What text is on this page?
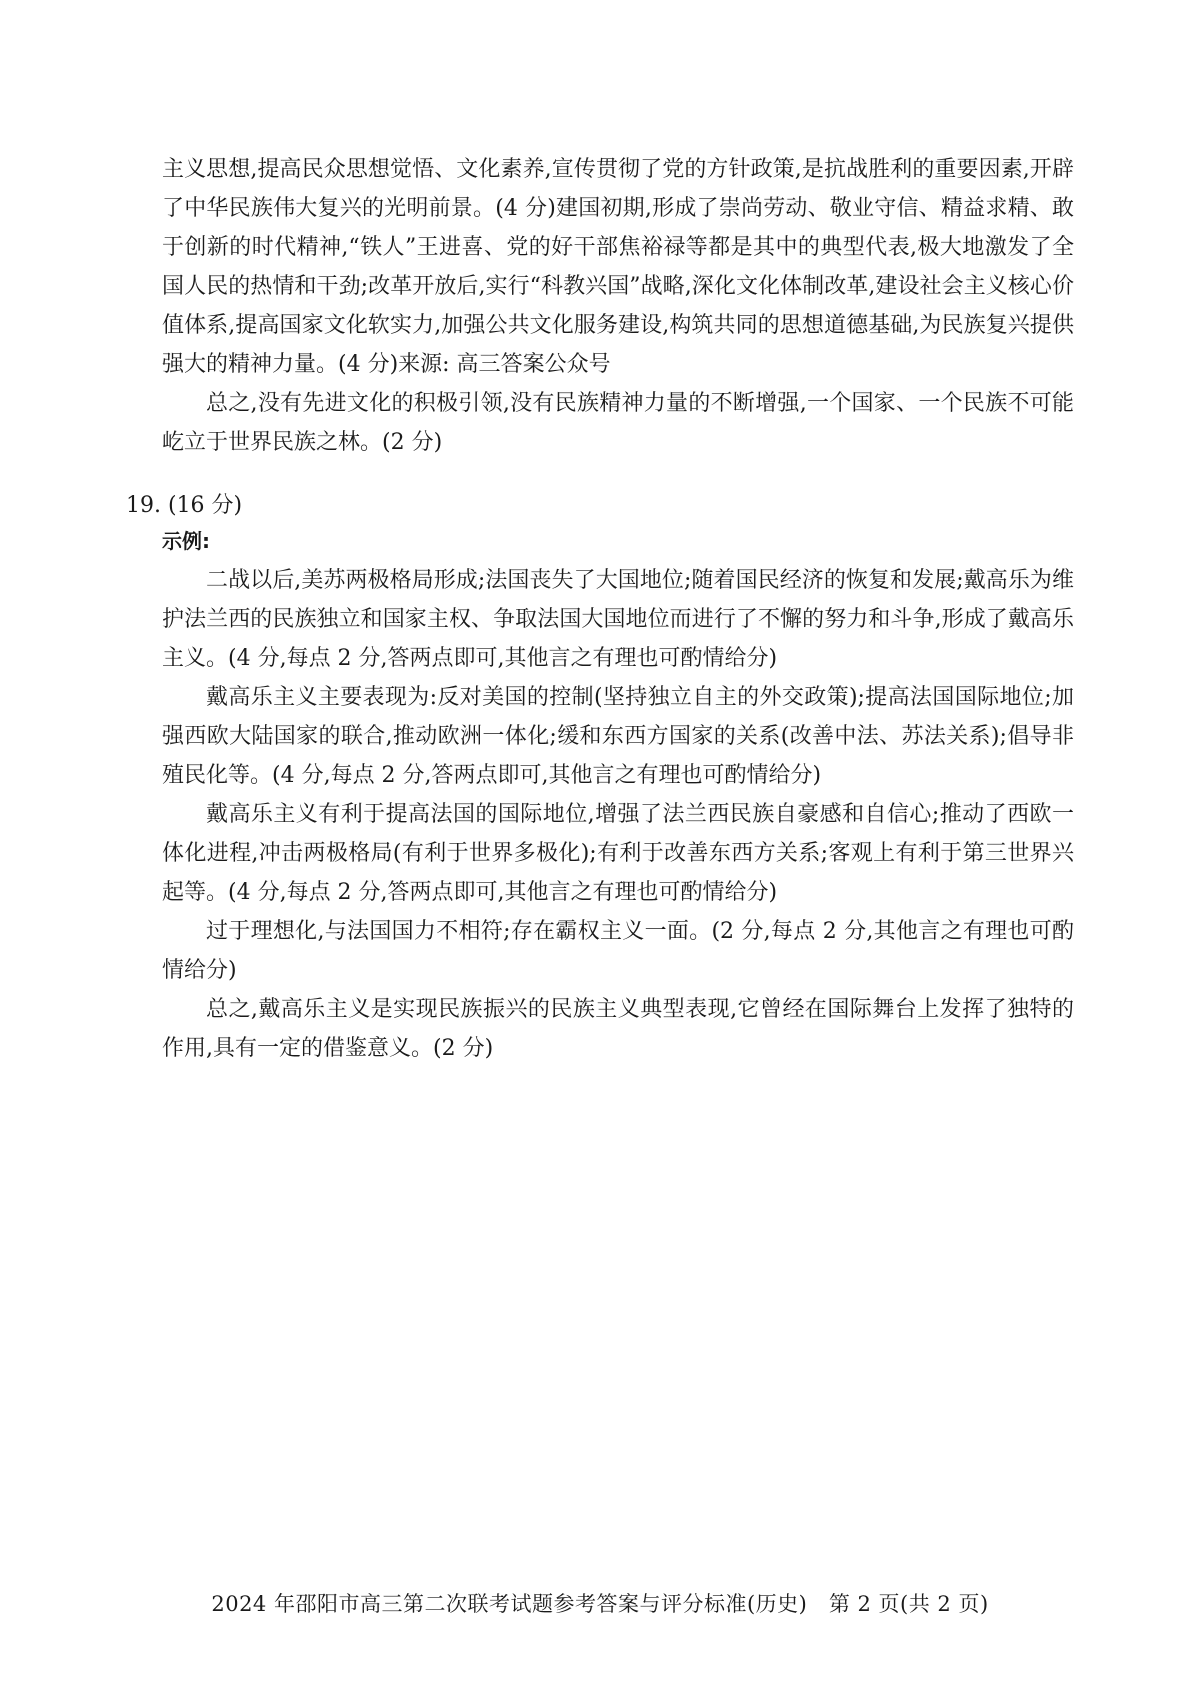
主义思想,提高民众思想觉悟、文化素养,宣传贯彻了党的方针政策,是抗战胜利的重要因素,开辟了中华民族伟大复兴的光明前景。(4 分)建国初期,形成了崇尚劳动、敬业守信、精益求精、敢于创新的时代精神,“铁人”王进喜、党的好干部焦裕禄等都是其中的典型代表,极大地激发了全国人民的热情和干劲;改革开放后,实行“科教兴国”战略,深化文化体制改革,建设社会主义核心价值体系,提高国家文化软实力,加强公共文化服务建设,构筑共同的思想道德基础,为民族复兴提供强大的精神力量。(4 分)来源: 高三答案公众号

总之,没有先进文化的积极引领,没有民族精神力量的不断增强,一个国家、一个民族不可能屹立于世界民族之林。(2 分)

19. (16 分)
示例:

二战以后,美苏两极格局形成;法国丧失了大国地位;随着国民经济的恢复和发展;戴高乐为维护法兰西的民族独立和国家主权、争取法国大国地位而进行了不懈的努力和斗争,形成了戴高乐主义。(4 分,每点 2 分,答两点即可,其他言之有理也可酌情给分)

戴高乐主义主要表现为:反对美国的控制(坚持独立自主的外交政策);提高法国国际地位;加强西欧大陆国家的联合,推动欧洲一体化;缓和东西方国家的关系(改善中法、苏法关系);倡导非殖民化等。(4 分,每点 2 分,答两点即可,其他言之有理也可酌情给分)

戴高乐主义有利于提高法国的国际地位,增强了法兰西民族自豪感和自信心;推动了西欧一体化进程,冲击两极格局(有利于世界多极化);有利于改善东西方关系;客观上有利于第三世界兴起等。(4 分,每点 2 分,答两点即可,其他言之有理也可酌情给分)

过于理想化,与法国国力不相符;存在霸权主义一面。(2 分,每点 2 分,其他言之有理也可酌情给分)

总之,戴高乐主义是实现民族振兴的民族主义典型表现,它曾经在国际舞台上发挥了独特的作用,具有一定的借鉴意义。(2 分)

2024 年邵阳市高三第二次联考试题参考答案与评分标准(历史)　第 2 页(共 2 页)
